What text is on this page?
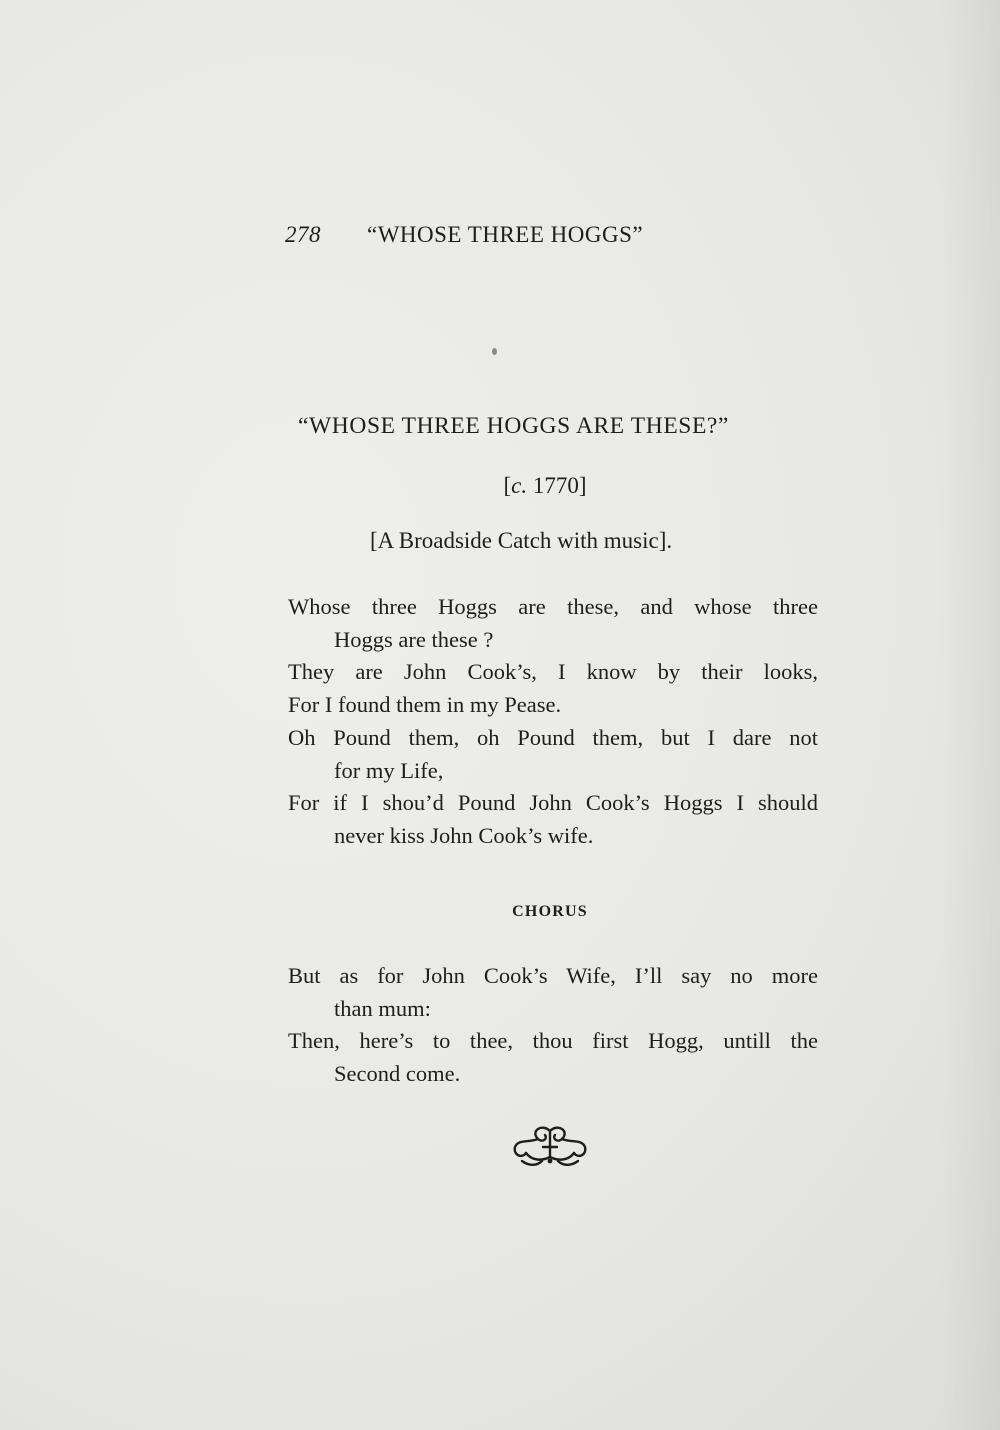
278 “WHOSE THREE HOGGS”
“WHOSE THREE HOGGS ARE THESE?”
[c. 1770]
[A Broadside Catch with music].
Whose three Hoggs are these, and whose three
Hoggs are these ?
They are John Cook’s, I know by their looks,
For I found them in my Pease.
Oh Pound them, oh Pound them, but I dare not
for my Life,
For if I shou’d Pound John Cook’s Hoggs I should
never kiss John Cook’s wife.
CHORUS
But as for John Cook’s Wife, I’ll say no more
than mum:
Then, here’s to thee, thou first Hogg, untill the
Second come.
